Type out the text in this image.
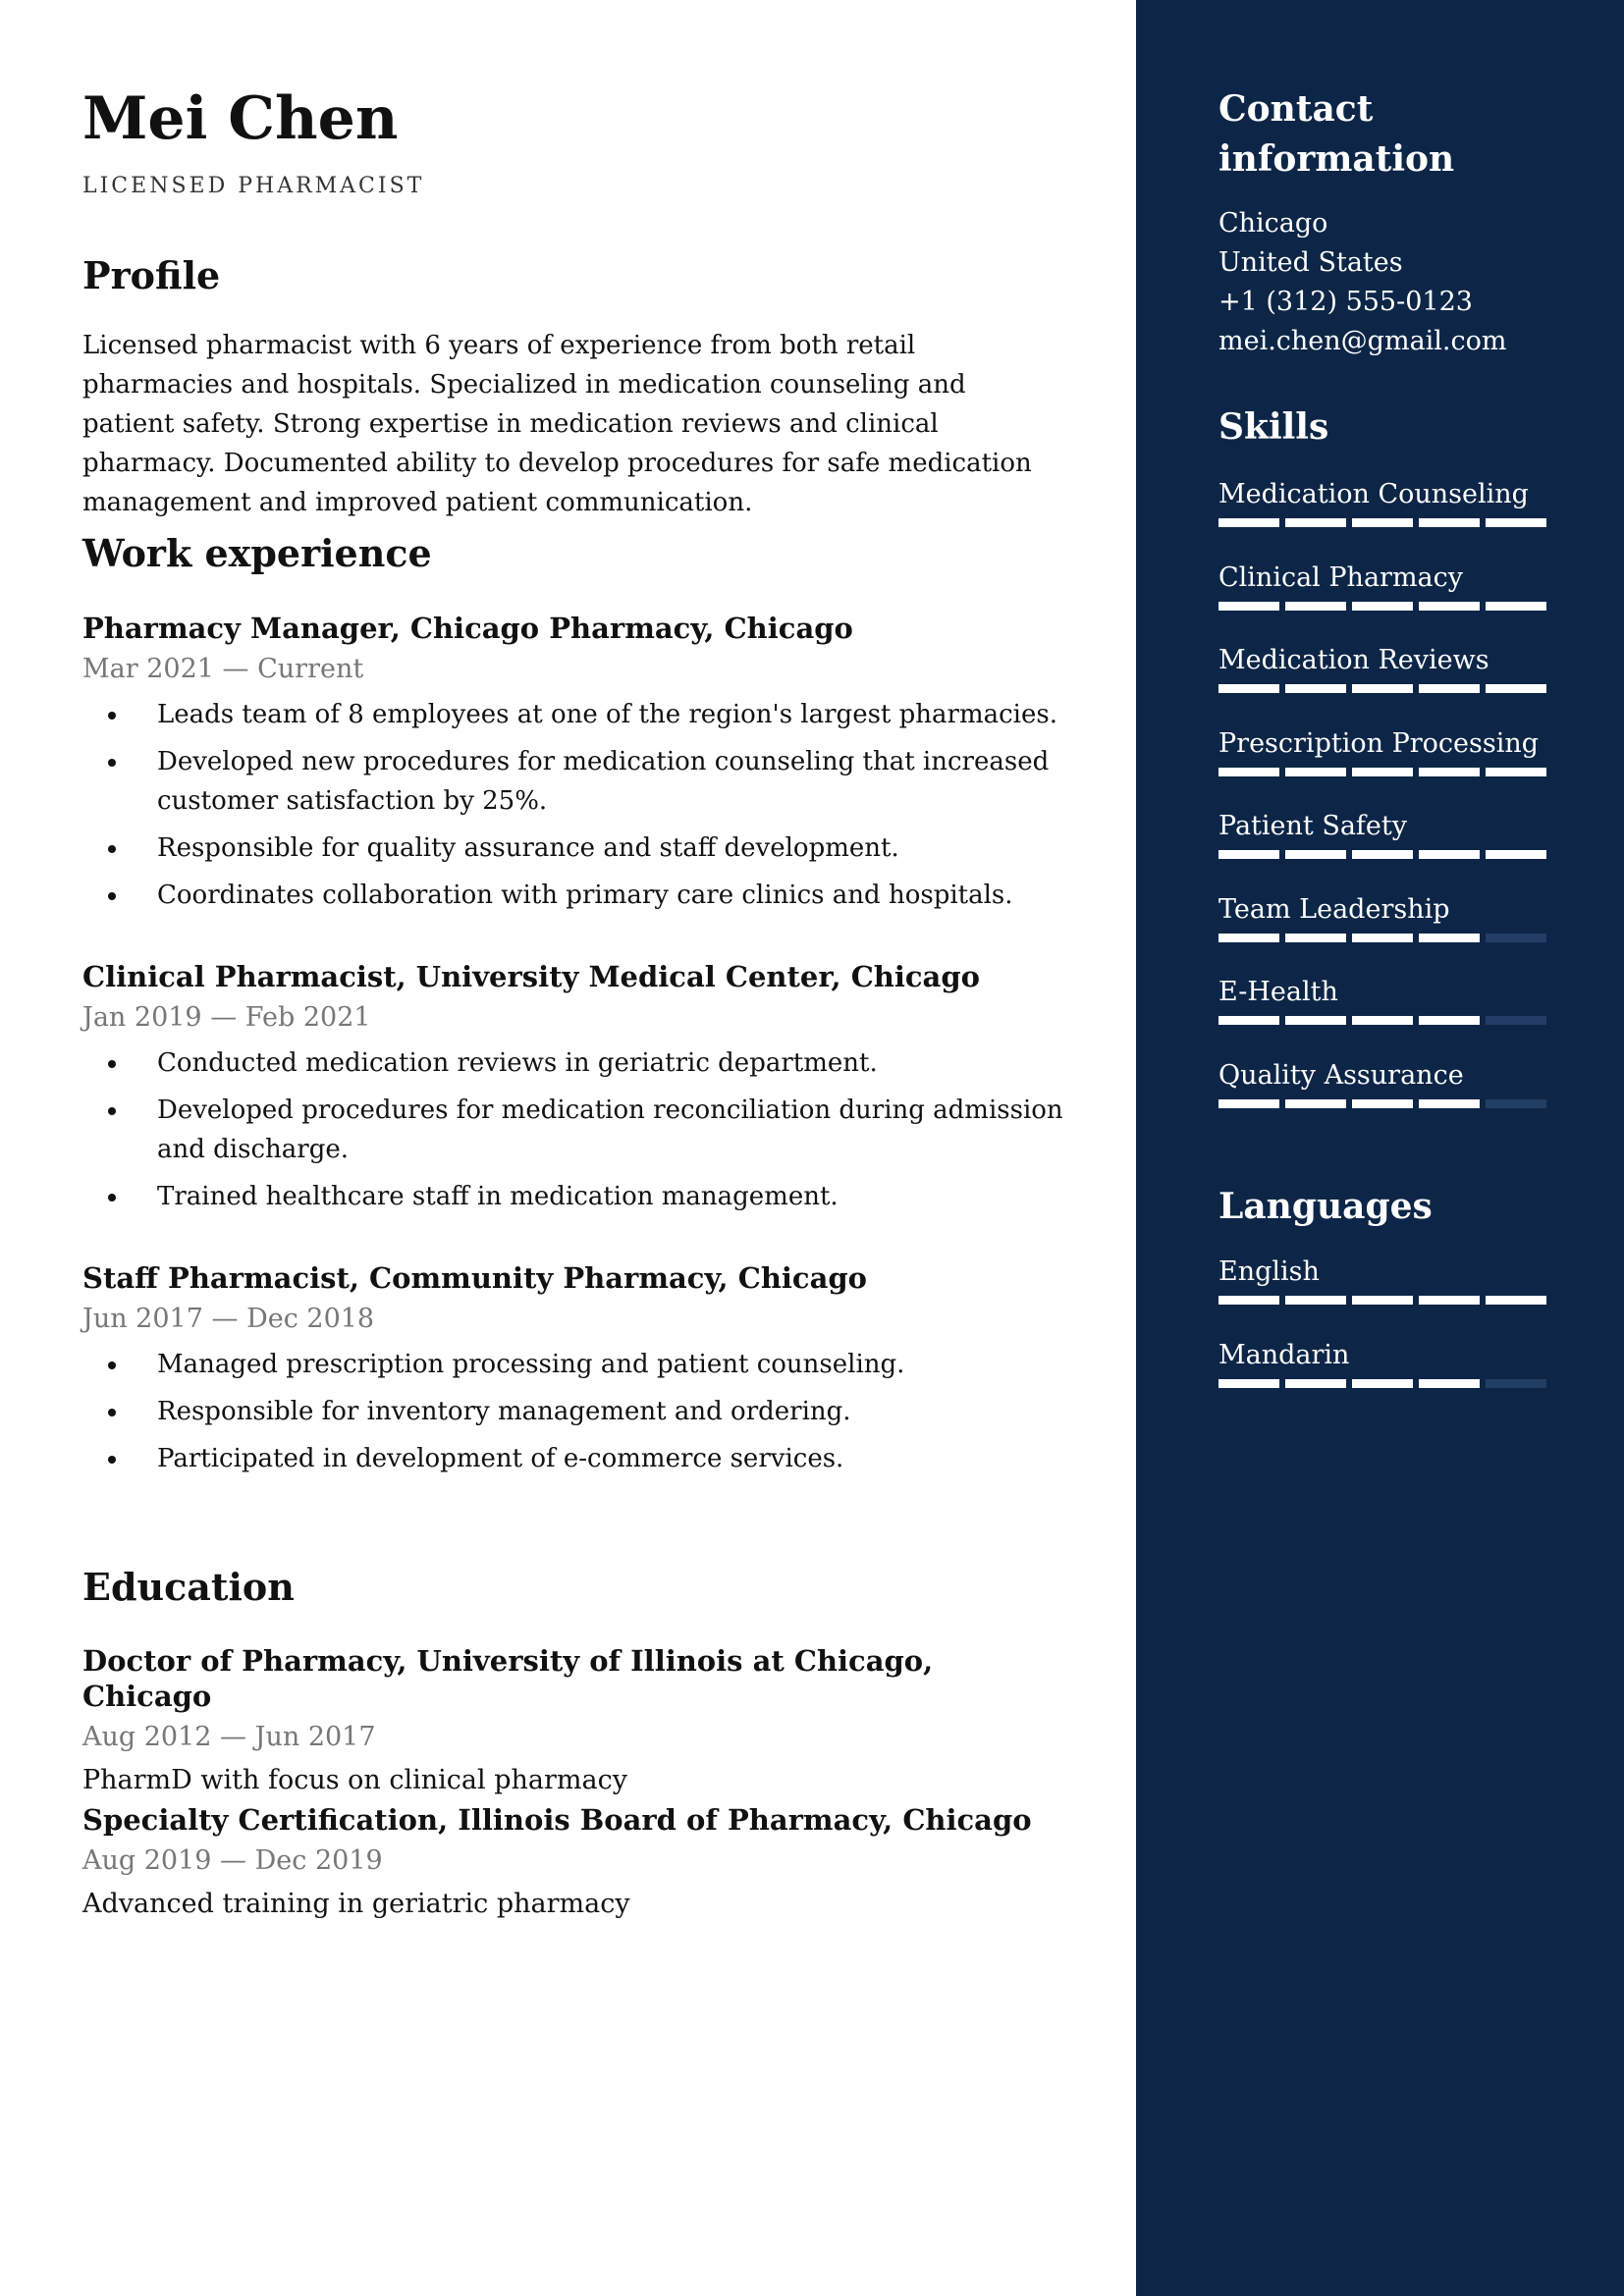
Mei Chen
LICENSED PHARMACIST
Profile

Licensed pharmacist with 6 years of experience from both retail pharmacies and hospitals. Specialized in medication counseling and patient safety. Strong expertise in medication reviews and clinical pharmacy. Documented ability to develop procedures for safe medication management and improved patient communication.

Work experience

Pharmacy Manager, Chicago Pharmacy, Chicago

Mar 2021 — Current

• Leads team of 8 employees at one of the region's largest pharmacies.
• Developed new procedures for medication counseling that increased customer satisfaction by 25%.
• Responsible for quality assurance and staff development.
• Coordinates collaboration with primary care clinics and hospitals.

Clinical Pharmacist, University Medical Center, Chicago

Jan 2019 — Feb 2021

• Conducted medication reviews in geriatric department.
• Developed procedures for medication reconciliation during admission and discharge.
• Trained healthcare staff in medication management.

Staff Pharmacist, Community Pharmacy, Chicago

Jun 2017 — Dec 2018

• Managed prescription processing and patient counseling.
• Responsible for inventory management and ordering.
• Participated in development of e-commerce services.
Education

Doctor of Pharmacy, University of Illinois at Chicago, Chicago

Aug 2012 — Jun 2017

PharmD with focus on clinical pharmacy

Specialty Certification, Illinois Board of Pharmacy, Chicago

Aug 2019 — Dec 2019

Advanced training in geriatric pharmacy

Contact information
Chicago
United States
+1 (312) 555-0123
mei.chen@gmail.com
Skills
Medication Counseling
Clinical Pharmacy
Medication Reviews
Prescription Processing
Patient Safety
Team Leadership
E-Health
Quality Assurance
Languages
English
Mandarin
